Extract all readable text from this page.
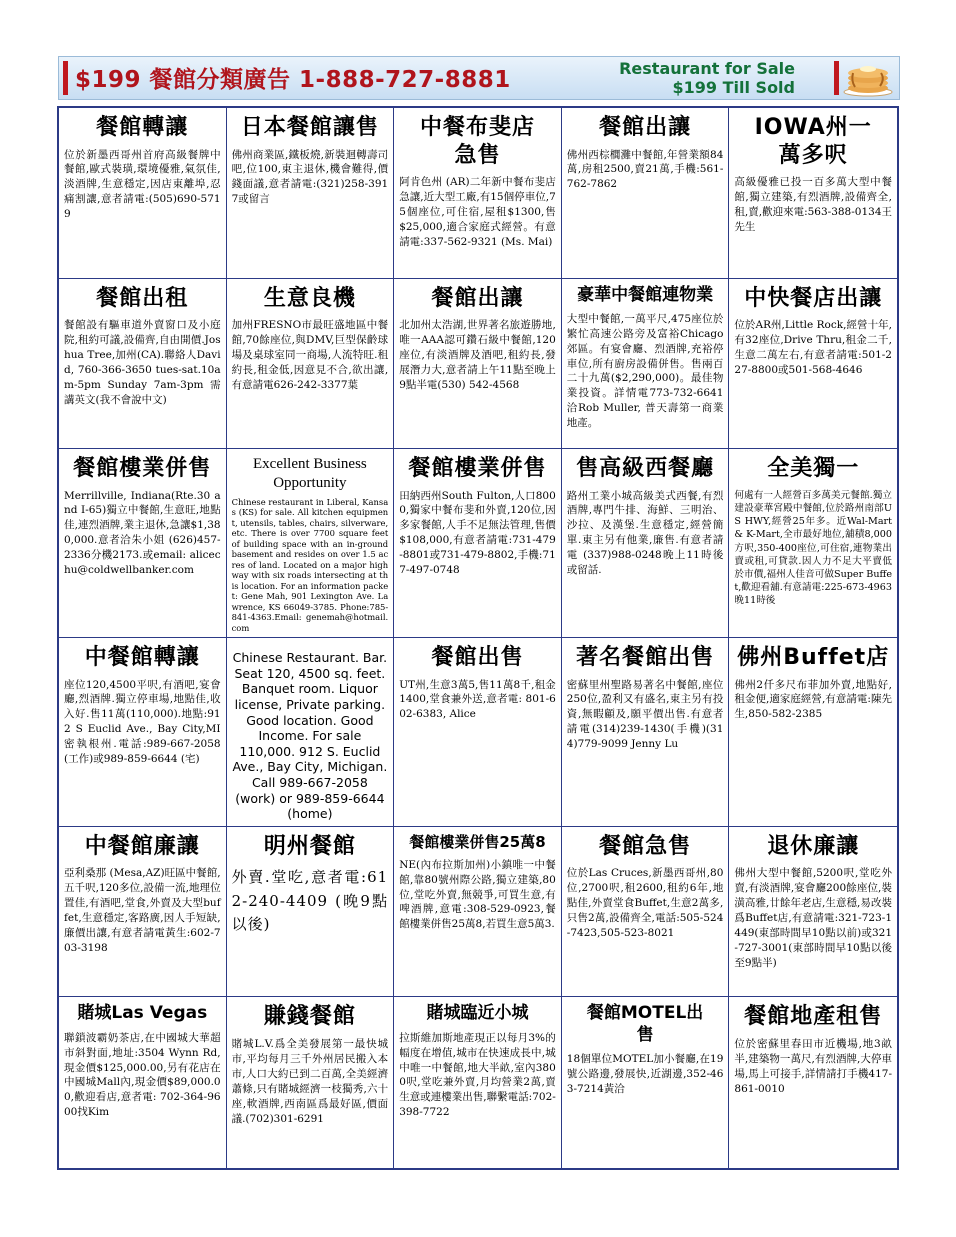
$199 餐館分類廣告 1-888-727-8881	Restaurant for Sale
$199 Till Sold
餐館轉讓
位於新墨西哥州首府高級餐牌中餐館,歐式裝璜,環境優雅,氣氛佳,淡酒牌,生意穩定,因店東離埠,忍痛割讓,意者請電:(505)690-5719
日本餐館讓售
佛州商業區,鐵板燒,新裝迴轉壽司吧,位100,東主退休,機會難得,價錢面議,意者請電:(321)258-3917或留言
中餐布斐店急售
阿肯色州 (AR)二年新中餐布斐店急讓,近大型工廠,有15個停車位,75個座位,可住宿,屋租$1300,售$25,000,適合家庭式經營。有意請電:337-562-9321 (Ms. Mai)
餐館出讓
佛州西棕櫚灘中餐館,年營業額84萬,房租2500,賣21萬,手機:561-762-7862
IOWA州一萬多呎
高級優雅已投一百多萬大型中餐館,獨立建築,有烈酒牌,設備齊全,租,賣,歡迎來電:563-388-0134王先生
餐館出租
餐館設有驅車道外賣窗口及小庭院,租約可議,設備齊,自由開價.Joshua Tree,加州(CA).聯絡人David, 760-366-3650 tues-sat.10am-5pm Sunday 7am-3pm 需講英文(我不會說中文)
生意良機
加州FRESNO市最旺盛地區中餐館,70餘座位,與DMV,巨型保齡球場及桌球室同一商場,人流特旺.租約長,租金低,因意見不合,欲出讓,有意請電626-242-3377葉
餐館出讓
北加州太浩湖,世界著名旅遊勝地,唯一AAA認可鑽石級中餐館,120座位,有淡酒牌及酒吧,租約長,發展潛力大,意者請上午11點至晚上9點半電(530) 542-4568
豪華中餐館連物業
大型中餐館,一萬平尺,475座位於繁忙高速公路旁及富裕Chicago郊區。有宴會廳、烈酒牌,充裕停車位,所有廚房設備併售。售兩百二十九萬($2,290,000)。最佳物業投資。詳情電773-732-6641洽Rob Muller, 普天壽第一商業地產。
中快餐店出讓
位於AR州,Little Rock,經營十年,有32座位,Drive Thru,租金二千,生意二萬左右,有意者請電:501-227-8800或501-568-4646
餐館樓業併售
Merrillville, Indiana(Rte.30 and I-65)獨立中餐館,生意旺,地點佳,連烈酒牌,業主退休,急讓$1,380,000.意者洽朱小姐 (626)457-2336分機2173.或email: alicechu@coldwellbanker.com
Excellent Business Opportunity
Chinese restaurant in Liberal, Kansas (KS) for sale. All kitchen equipment, utensils, tables, chairs, silverware, etc. There is over 7700 square feet of building space with an in-ground basement and resides on over 1.5 acres of land. Located on a major highway with six roads intersecting at this location. For an information packet: Gene Mah, 901 Lexington Ave. Lawrence, KS 66049-3785. Phone:785-841-4363.Email: genemah@hotmail.com
餐館樓業併售
田納西州South Fulton,人口8000,獨家中餐布斐和外賣,120位,因多家餐館,人手不足無法管理,售價$108,000,有意者請電:731-479-8801或731-479-8802,手機:717-497-0748
售高級西餐廳
路州工業小城高級美式西餐,有烈酒牌,專門牛排、海鮮、三明治、沙拉、及漢堡.生意穩定,經營簡單.東主另有他業,廉售.有意者請電 (337)988-0248晚上11時後或留話.
全美獨一
何處有一人經營百多萬美元餐館.獨立建設豪華宮殿中餐館,位於路州南部US HWY,經營25年多。近Wal-Mart & K-Mart,全市最好地位,舖積8,000方呎,350-400座位,可住宿,連物業出賣或租,可貸款.因人力不足大平賣低於市價,福州人佳音可做Super Buffet,歡迎看舖.有意請電:225-673-4963晚11時後
中餐館轉讓
座位120,4500平呎,有酒吧,宴會廳,烈酒牌.獨立停車場,地點佳,收入好.售11萬(110,000).地點:912 S Euclid Ave., Bay City,MI密執根州.電話:989-667-2058(工作)或989-859-6644 (宅)
Chinese Restaurant. Bar. Seat 120, 4500 sq. feet. Banquet room. Liquor license, Private parking. Good location. Good Income. For sale 110,000. 912 S. Euclid Ave., Bay City, Michigan. Call 989-667-2058 (work) or 989-859-6644 (home)
餐館出售
UT州,生意3萬5,售11萬8千,租金1400,堂食兼外送,意者電: 801-602-6383, Alice
著名餐館出售
密蘇里州聖路易著名中餐館,座位250位,盈利又有盛名,東主另有投資,無暇顧及,願平價出售.有意者請電(314)239-1430(手機)(314)779-9099 Jenny Lu
佛州Buffet店
佛州2仟多尺布菲加外賣,地點好,租金便,適家庭經營,有意請電:陳先生,850-582-2385
中餐館廉讓
亞利桑那 (Mesa,AZ)旺區中餐館,五千呎,120多位,設備一流,地理位置佳,有酒吧,堂食,外賣及大型buffet,生意穩定,客路廣,因人手短缺,廉價出讓,有意者請電黃生:602-703-3198
明州餐館
外賣.堂吃,意者電:612-240-4409 (晚9點以後)
餐館樓業併售25萬8
NE(內布拉斯加州)小鎮唯一中餐館,靠80號州際公路,獨立建築,80位,堂吃外賣,無競爭,可買生意,有啤酒牌,意電:308-529-0923,餐館樓業併售25萬8,若買生意5萬3.
餐館急售
位於Las Cruces,新墨西哥州,80位,2700呎,租2600,租約6年,地點佳,外賣堂食Buffet,生意2萬多,只售2萬,設備齊全,電話:505-524-7423,505-523-8021
退休廉讓
佛州大型中餐館,5200呎,堂吃外賣,有淡酒牌,宴會廳200餘座位,裝潢高雅,廿餘年老店,生意穩,易改裝爲Buffet店,有意請電:321-723-1449(東部時間早10點以前)或321-727-3001(東部時間早10點以後至9點半)
賭城Las Vegas
聯鎖波霸奶茶店,在中國城大華超市斜對面,地址:3504 Wynn Rd,現金價$125,000.00,另有花店在中國城Mall內,現金價$89,000.00,歡迎看店,意者電: 702-364-9600找Kim
賺錢餐館
賭城L.V.爲全美發展第一最快城市,平均每月三千外州居民搬入本市,人口大約已到二百萬,全美經濟蕭條,只有賭城經濟一枝獨秀,六十座,軟酒牌,西南區爲最好區,價面議.(702)301-6291
賭城臨近小城
拉斯維加斯地產現正以每月3%的幅度在增值,城市在快速成長中,城中唯一中餐館,地大半畝,室內3800呎,堂吃兼外賣,月均營業2萬,賣生意或連樓業出售,聯繫電話:702-398-7722
餐館MOTEL出售
18個單位MOTEL加小餐廳,在19號公路邊,發展快,近湖邊,352-463-7214黃洽
餐館地產租售
位於密蘇里春田市近機場,地3畝半,建築物一萬尺,有烈酒牌,大停車場,馬上可接手,詳情請打手機417-861-0010
